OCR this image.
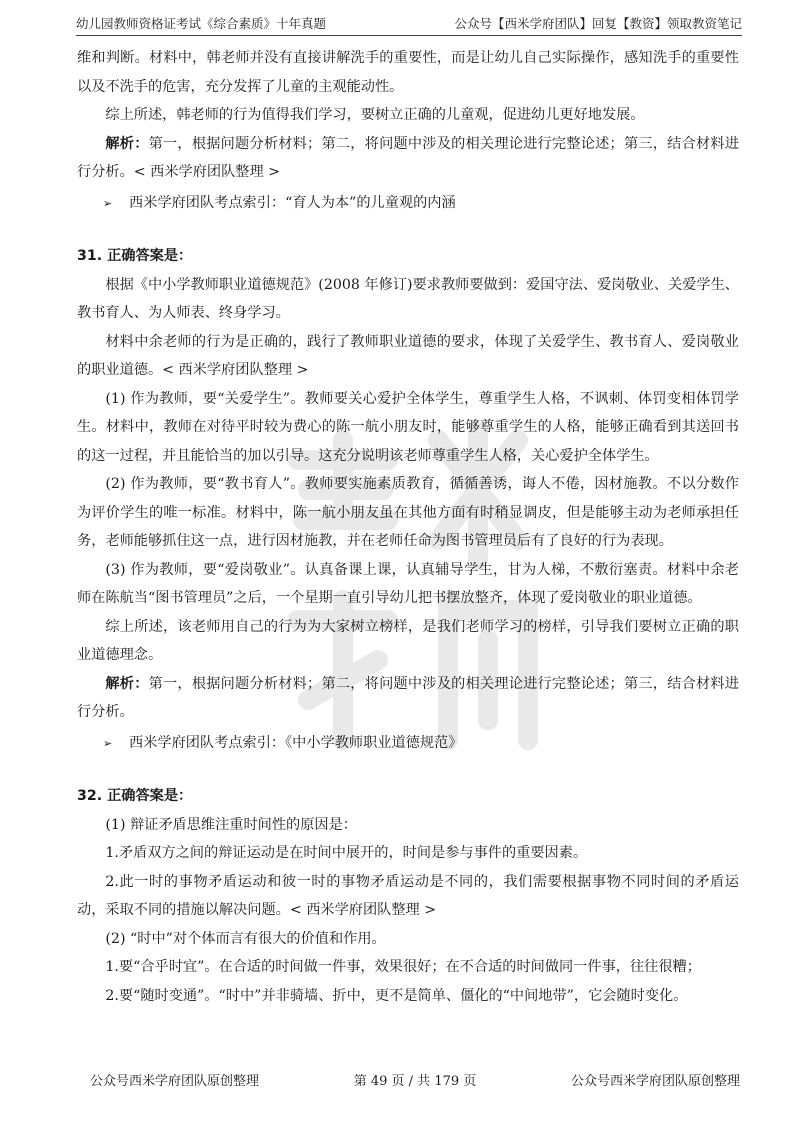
幼儿园教师资格证考试《综合素质》十年真题	公众号【西米学府团队】回复【教资】领取教资笔记

维和判断。材料中，韩老师并没有直接讲解洗手的重要性，而是让幼儿自己实际操作，感知洗手的重要性以及不洗手的危害，充分发挥了儿童的主观能动性。

综上所述，韩老师的行为值得我们学习，要树立正确的儿童观，促进幼儿更好地发展。

解析：第一，根据问题分析材料；第二，将问题中涉及的相关理论进行完整论述；第三，结合材料进行分析。< 西米学府团队整理 >

➢ 西米学府团队考点索引：“育人为本”的儿童观的内涵

31. 正确答案是：

根据《中小学教师职业道德规范》(2008 年修订)要求教师要做到：爱国守法、爱岗敬业、关爱学生、教书育人、为人师表、终身学习。

材料中余老师的行为是正确的，践行了教师职业道德的要求，体现了关爱学生、教书育人、爱岗敬业的职业道德。< 西米学府团队整理 >

(1) 作为教师，要“关爱学生”。教师要关心爱护全体学生，尊重学生人格，不讽刺、体罚变相体罚学生。材料中，教师在对待平时较为费心的陈一航小朋友时，能够尊重学生的人格，能够正确看到其送回书的这一过程，并且能恰当的加以引导。这充分说明该老师尊重学生人格，关心爱护全体学生。

(2) 作为教师，要“教书育人”。教师要实施素质教育，循循善诱，诲人不倦，因材施教。不以分数作为评价学生的唯一标准。材料中，陈一航小朋友虽在其他方面有时稍显调皮，但是能够主动为老师承担任务，老师能够抓住这一点，进行因材施教，并在老师任命为图书管理员后有了良好的行为表现。

(3) 作为教师，要“爱岗敬业”。认真备课上课，认真辅导学生，甘为人梯，不敷衍塞责。材料中余老师在陈航当“图书管理员”之后，一个星期一直引导幼儿把书摆放整齐，体现了爱岗敬业的职业道德。

综上所述，该老师用自己的行为为大家树立榜样，是我们老师学习的榜样，引导我们要树立正确的职业道德理念。

解析：第一，根据问题分析材料；第二，将问题中涉及的相关理论进行完整论述；第三，结合材料进行分析。

➢ 西米学府团队考点索引：《中小学教师职业道德规范》

32. 正确答案是：

(1) 辩证矛盾思维注重时间性的原因是：

1.矛盾双方之间的辩证运动是在时间中展开的，时间是参与事件的重要因素。

2.此一时的事物矛盾运动和彼一时的事物矛盾运动是不同的，我们需要根据事物不同时间的矛盾运动，采取不同的措施以解决问题。< 西米学府团队整理 >

(2) “时中”对个体而言有很大的价值和作用。

1.要“合乎时宜”。在合适的时间做一件事，效果很好；在不合适的时间做同一件事，往往很糟；

2.要“随时变通”。“时中”并非骑墙、折中，更不是简单、僵化的“中间地带”，它会随时变化。

公众号西米学府团队原创整理	第 49 页 / 共 179 页	公众号西米学府团队原创整理
